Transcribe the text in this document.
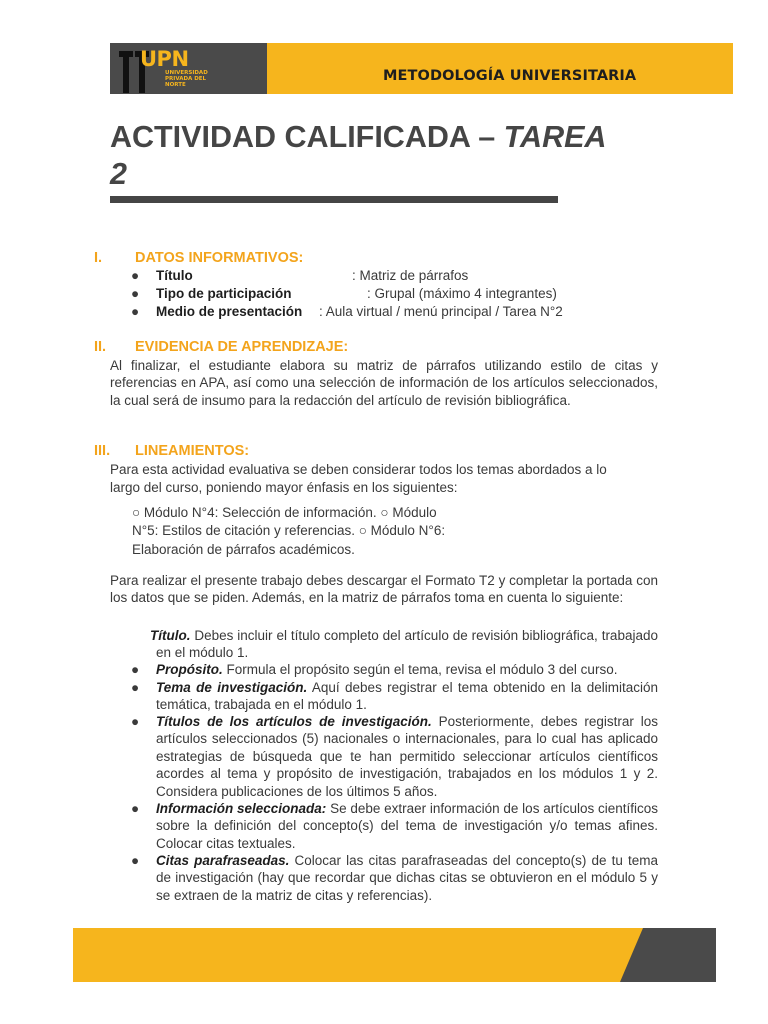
UPN
UNIVERSIDAD PRIVADA DEL NORTE
METODOLOGÍA UNIVERSITARIA
ACTIVIDAD CALIFICADA – TAREA
2
I. DATOS INFORMATIVOS:
● Título	: Matriz de párrafos
● Tipo de participación	: Grupal (máximo 4 integrantes)
● Medio de presentación : Aula virtual / menú principal / Tarea N°2
II. EVIDENCIA DE APRENDIZAJE:
Al finalizar, el estudiante elabora su matriz de párrafos utilizando estilo de citas y referencias en APA, así como una selección de información de los artículos seleccionados, la cual será de insumo para la redacción del artículo de revisión bibliográfica.
III. LINEAMIENTOS:
Para esta actividad evaluativa se deben considerar todos los temas abordados a lo
largo del curso, poniendo mayor énfasis en los siguientes:
○ Módulo N°4: Selección de información. ○ Módulo
N°5: Estilos de citación y referencias. ○ Módulo N°6:
Elaboración de párrafos académicos.
Para realizar el presente trabajo debes descargar el Formato T2 y completar la portada con los datos que se piden. Además, en la matriz de párrafos toma en cuenta lo siguiente:
Título. Debes incluir el título completo del artículo de revisión bibliográfica, trabajado en el módulo 1.
● Propósito. Formula el propósito según el tema, revisa el módulo 3 del curso.
● Tema de investigación. Aquí debes registrar el tema obtenido en la delimitación temática, trabajada en el módulo 1.
● Títulos de los artículos de investigación. Posteriormente, debes registrar los artículos seleccionados (5) nacionales o internacionales, para lo cual has aplicado estrategias de búsqueda que te han permitido seleccionar artículos científicos acordes al tema y propósito de investigación, trabajados en los módulos 1 y 2. Considera publicaciones de los últimos 5 años.
● Información seleccionada: Se debe extraer información de los artículos científicos sobre la definición del concepto(s) del tema de investigación y/o temas afines. Colocar citas textuales.
● Citas parafraseadas. Colocar las citas parafraseadas del concepto(s) de tu tema de investigación (hay que recordar que dichas citas se obtuvieron en el módulo 5 y se extraen de la matriz de citas y referencias).
